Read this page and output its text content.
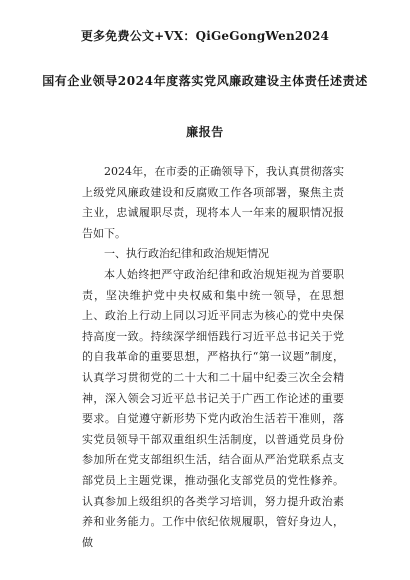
更多免费公文+VX：QiGeGongWen2024
国有企业领导2024年度落实党风廉政建设主体责任述责述
廉报告

2024年，在市委的正确领导下，我认真贯彻落实上级党风廉政建设和反腐败工作各项部署，聚焦主责主业，忠诚履职尽责，现将本人一年来的履职情况报告如下。

一、执行政治纪律和政治规矩情况

本人始终把严守政治纪律和政治规矩视为首要职责，坚决维护党中央权威和集中统一领导，在思想上、政治上行动上同以习近平同志为核心的党中央保持高度一致。持续深学细悟践行习近平总书记关于党的自我革命的重要思想，严格执行“第一议题”制度，认真学习贯彻党的二十大和二十届中纪委三次全会精神，深入领会习近平总书记关于广西工作论述的重要要求。自觉遵守新形势下党内政治生活若干准则，落实党员领导干部双重组织生活制度，以普通党员身份参加所在党支部组织生活，结合面从严治党联系点支部党员上主题党课，推动强化支部党员的党性修养。认真参加上级组织的各类学习培训，努力提升政治素养和业务能力。工作中依纪依规履职，管好身边人，做
